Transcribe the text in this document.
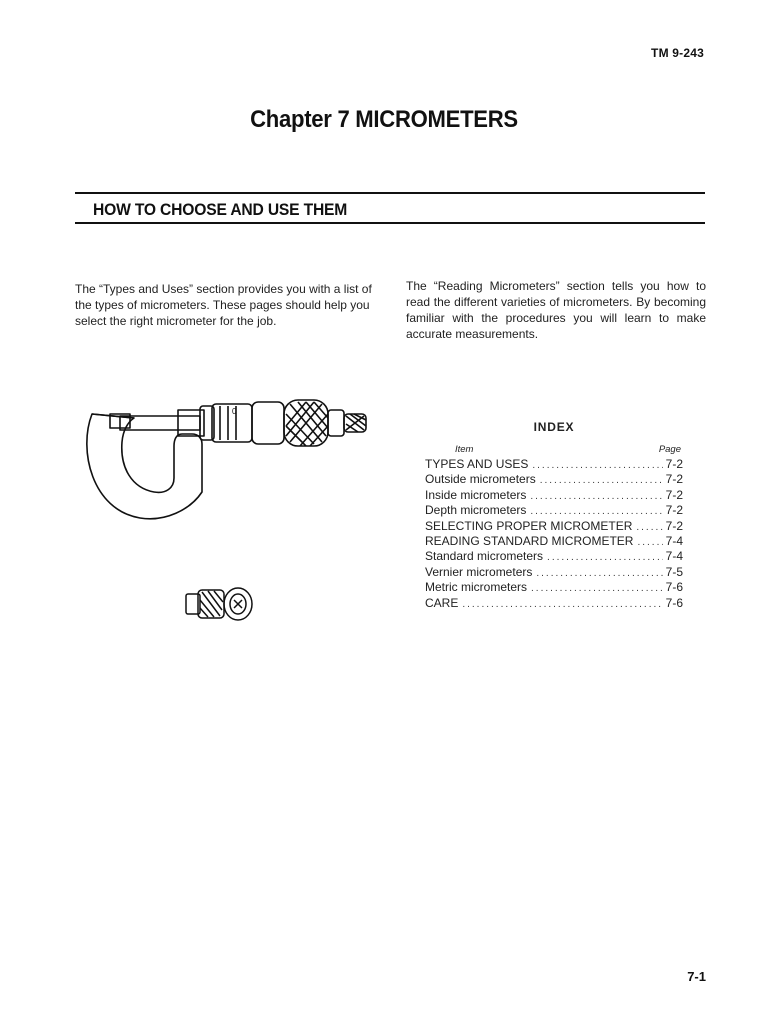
TM 9-243
Chapter 7 MICROMETERS
HOW TO CHOOSE AND USE THEM
The “Types and Uses” section provides you with a list of the types of micrometers. These pages should help you select the right micrometer for the job.
The “Reading Micrometers” section tells you how to read the different varieties of micrometers. By becoming familiar with the procedures you will learn to make accurate measurements.
0
INDEX
Item	Page
TYPES AND USES .....	7-2
Outside micrometers .....	7-2
Inside micrometers .....	7-2
Depth micrometers .....	7-2
SELECTING PROPER MICROMETER .....	7-2
READING STANDARD MICROMETER .....	7-4
Standard micrometers .....	7-4
Vernier micrometers .....	7-5
Metric micrometers .....	7-6
CARE .....	7-6
7-1
